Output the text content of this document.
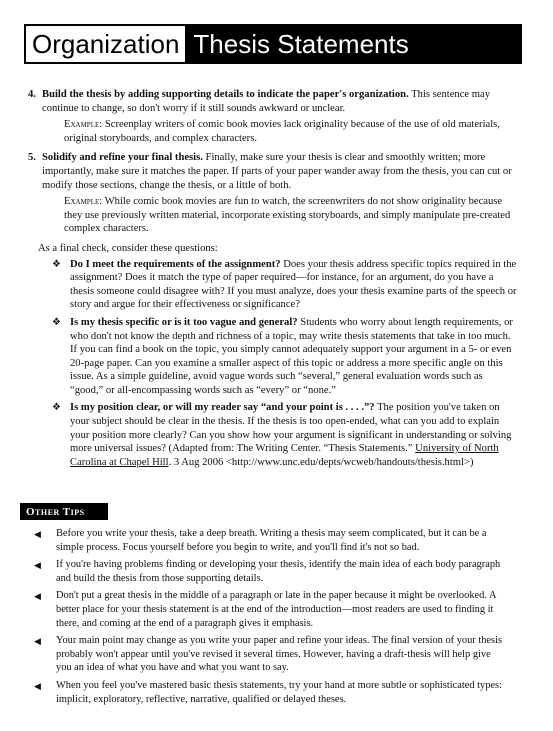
Organization Thesis Statements
4. Build the thesis by adding supporting details to indicate the paper's organization. This sentence may continue to change, so don't worry if it still sounds awkward or unclear.
Example: Screenplay writers of comic book movies lack originality because of the use of old materials, original storyboards, and complex characters.
5. Solidify and refine your final thesis. Finally, make sure your thesis is clear and smoothly written; more importantly, make sure it matches the paper. If parts of your paper wander away from the thesis, you can cut or modify those sections, change the thesis, or a little of both.
Example: While comic book movies are fun to watch, the screenwriters do not show originality because they use previously written material, incorporate existing storyboards, and simply manipulate pre-created complex characters.
As a final check, consider these questions:
❖ Do I meet the requirements of the assignment? Does your thesis address specific topics required in the assignment? Does it match the type of paper required—for instance, for an argument, do you have a thesis someone could disagree with? If you must analyze, does your thesis examine parts of the speech or story and argue for their effectiveness or significance?
❖ Is my thesis specific or is it too vague and general? Students who worry about length requirements, or who don't not know the depth and richness of a topic, may write thesis statements that take in too much. If you can find a book on the topic, you simply cannot adequately support your argument in a 5- or even 20-page paper. Can you examine a smaller aspect of this topic or address a more specific angle on this issue. As a simple guideline, avoid vague words such “several,” general evaluation words such as “good,” or all-encompassing words such as “every” or “none.”
❖ Is my position clear, or will my reader say “and your point is . . . .”? The position you've taken on your subject should be clear in the thesis. If the thesis is too open-ended, what can you add to explain your position more clearly? Can you show how your argument is significant in understanding or solving more universal issues? (Adapted from: The Writing Center. “Thesis Statements.” University of North Carolina at Chapel Hill. 3 Aug 2006 <http://www.unc.edu/depts/wcweb/handouts/thesis.html>)
Other Tips
◀ Before you write your thesis, take a deep breath. Writing a thesis may seem complicated, but it can be a simple process. Focus yourself before you begin to write, and you'll find it's not so bad.
◀ If you're having problems finding or developing your thesis, identify the main idea of each body paragraph and build the thesis from those supporting details.
◀ Don't put a great thesis in the middle of a paragraph or late in the paper because it might be overlooked. A better place for your thesis statement is at the end of the introduction—most readers are used to finding it there, and coming at the end of a paragraph gives it emphasis.
◀ Your main point may change as you write your paper and refine your ideas. The final version of your thesis probably won't appear until you've revised it several times. However, having a draft-thesis will help give you an idea of what you have and what you want to say.
◀ When you feel you've mastered basic thesis statements, try your hand at more subtle or sophisticated types: implicit, exploratory, reflective, narrative, qualified or delayed theses.
